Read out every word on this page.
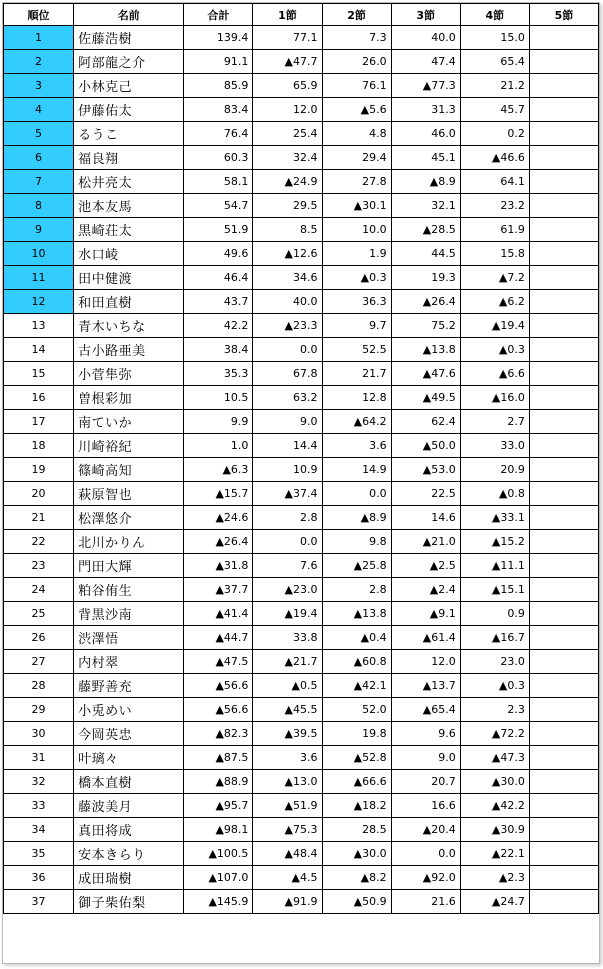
順位	名前	合計	1節	2節	3節	4節	5節
1	佐藤浩樹	139.4	77.1	7.3	40.0	15.0	
2	阿部龍之介	91.1	▲47.7	26.0	47.4	65.4	
3	小林克己	85.9	65.9	76.1	▲77.3	21.2	
4	伊藤佑太	83.4	12.0	▲5.6	31.3	45.7	
5	るうこ	76.4	25.4	4.8	46.0	0.2	
6	福良翔	60.3	32.4	29.4	45.1	▲46.6	
7	松井亮太	58.1	▲24.9	27.8	▲8.9	64.1	
8	池本友馬	54.7	29.5	▲30.1	32.1	23.2	
9	黒崎荘太	51.9	8.5	10.0	▲28.5	61.9	
10	水口崚	49.6	▲12.6	1.9	44.5	15.8	
11	田中健渡	46.4	34.6	▲0.3	19.3	▲7.2	
12	和田直樹	43.7	40.0	36.3	▲26.4	▲6.2	
13	青木いちな	42.2	▲23.3	9.7	75.2	▲19.4	
14	古小路亜美	38.4	0.0	52.5	▲13.8	▲0.3	
15	小菅隼弥	35.3	67.8	21.7	▲47.6	▲6.6	
16	曽根彩加	10.5	63.2	12.8	▲49.5	▲16.0	
17	南ていか	9.9	9.0	▲64.2	62.4	2.7	
18	川崎裕紀	1.0	14.4	3.6	▲50.0	33.0	
19	篠崎高知	▲6.3	10.9	14.9	▲53.0	20.9	
20	萩原智也	▲15.7	▲37.4	0.0	22.5	▲0.8	
21	松澤悠介	▲24.6	2.8	▲8.9	14.6	▲33.1	
22	北川かりん	▲26.4	0.0	9.8	▲21.0	▲15.2	
23	門田大輝	▲31.8	7.6	▲25.8	▲2.5	▲11.1	
24	粕谷侑生	▲37.7	▲23.0	2.8	▲2.4	▲15.1	
25	背黒沙南	▲41.4	▲19.4	▲13.8	▲9.1	0.9	
26	渋澤悟	▲44.7	33.8	▲0.4	▲61.4	▲16.7	
27	内村翠	▲47.5	▲21.7	▲60.8	12.0	23.0	
28	藤野善充	▲56.6	▲0.5	▲42.1	▲13.7	▲0.3	
29	小兎めい	▲56.6	▲45.5	52.0	▲65.4	2.3	
30	今岡英忠	▲82.3	▲39.5	19.8	9.6	▲72.2	
31	叶璃々	▲87.5	3.6	▲52.8	9.0	▲47.3	
32	橋本直樹	▲88.9	▲13.0	▲66.6	20.7	▲30.0	
33	藤波美月	▲95.7	▲51.9	▲18.2	16.6	▲42.2	
34	真田将成	▲98.1	▲75.3	28.5	▲20.4	▲30.9	
35	安本きらり	▲100.5	▲48.4	▲30.0	0.0	▲22.1	
36	成田瑞樹	▲107.0	▲4.5	▲8.2	▲92.0	▲2.3	
37	御子柴佑梨	▲145.9	▲91.9	▲50.9	21.6	▲24.7	
